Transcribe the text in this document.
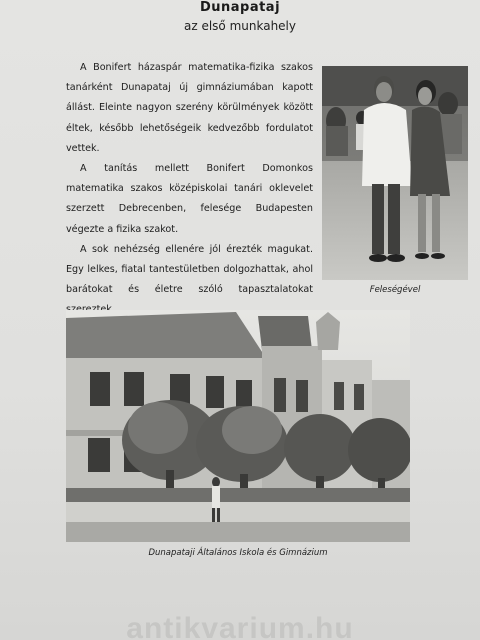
Dunapataj
az első munkahely

A Bonifert házaspár matematika-fizika szakos tanárként Dunapataj új gimnáziumában kapott állást. Eleinte nagyon szerény körülmények között éltek, később lehetőségeik kedvezőbb fordulatot vettek.

A tanítás mellett Bonifert Domonkos matematika szakos középiskolai tanári oklevelet szerzett Debrecenben, felesége Budapesten végezte a fizika szakot.

A sok nehézség ellenére jól érezték magukat. Egy lelkes, fiatal tantestületben dolgozhattak, ahol barátokat és életre szóló tapasztalatokat	Feleségével
Dunapataji Általános Iskola és Gimnázium
antikvarium.hu
